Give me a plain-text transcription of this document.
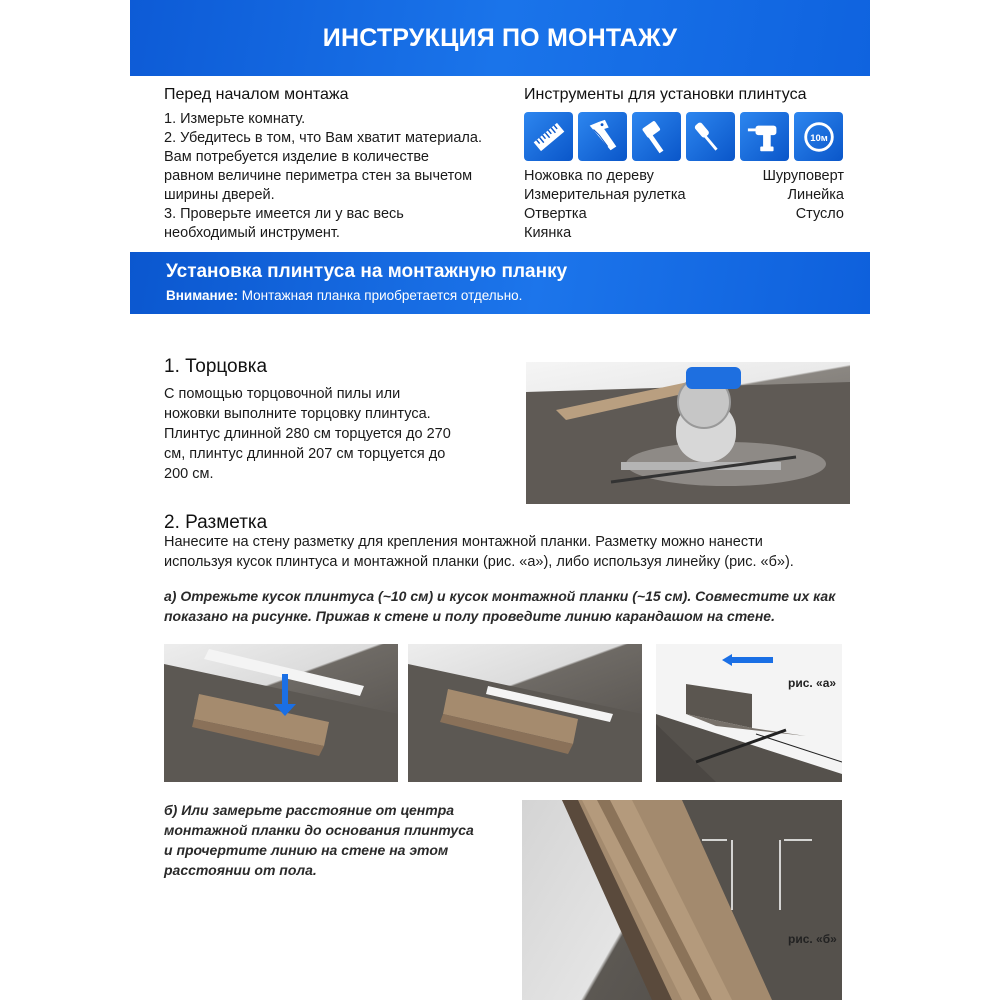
ИНСТРУКЦИЯ ПО МОНТАЖУ
Перед началом монтажа
1. Измерьте комнату.
2. Убедитесь в том, что Вам хватит материала.
Вам потребуется изделие в количестве
равном величине периметра стен за вычетом
ширины дверей.
3. Проверьте имеется ли у вас весь
необходимый инструмент.
Инструменты для установки плинтуса
10м
Ножовка по дереву
Измерительная рулетка
Отвертка
Киянка
Шуруповерт
Линейка
Стусло
Установка плинтуса на монтажную планку
Внимание: Монтажная планка приобретается отдельно.
1. Торцовка
С помощью торцовочной пилы или
ножовки выполните торцовку плинтуса.
Плинтус длинной 280 см торцуется до 270
см, плинтус длинной 207 см торцуется до
200 см.
2. Разметка
Нанесите на стену разметку для крепления монтажной планки. Разметку можно нанести
используя кусок плинтуса и монтажной планки (рис. «а»), либо используя линейку (рис. «б»).
а) Отрежьте кусок плинтуса (~10 см) и кусок монтажной планки (~15 см). Совместите их как
показано на рисунке. Прижав к стене и полу проведите линию карандашом на стене.
рис. «а»
б) Или замерьте расстояние от центра
монтажной планки до основания плинтуса
и прочертите линию на стене на этом
расстоянии от пола.
рис. «б»
